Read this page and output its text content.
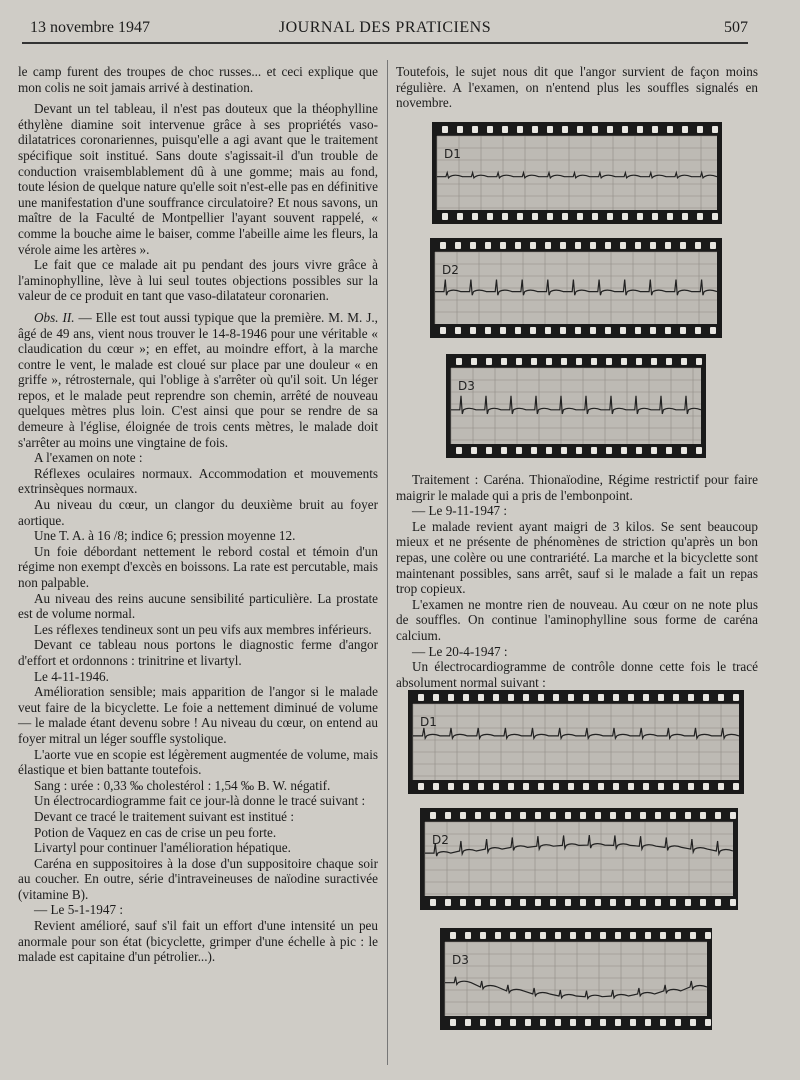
13 novembre 1947	JOURNAL DES PRATICIENS	507

le camp furent des troupes de choc russes... et ceci explique que mon colis ne soit jamais arrivé à destination.

Devant un tel tableau, il n'est pas douteux que la théophylline éthylène diamine soit intervenue grâce à ses propriétés vaso-dilatatrices coronariennes, puisqu'elle a agi avant que le traitement spécifique soit institué. Sans doute s'agissait-il d'un trouble de conduction vraisemblablement dû à une gomme; mais au fond, toute lésion de quelque nature qu'elle soit n'est-elle pas en définitive une manifestation d'une souffrance circulatoire? Et nous savons, un maître de la Faculté de Montpellier l'ayant souvent rappelé, « comme la bouche aime le baiser, comme l'abeille aime les fleurs, la vérole aime les artères ».

Le fait que ce malade ait pu pendant des jours vivre grâce à l'aminophylline, lève à lui seul toutes objections possibles sur la valeur de ce produit en tant que vaso-dilatateur coronarien.

Obs. II. — Elle est tout aussi typique que la première. M. M. J., âgé de 49 ans, vient nous trouver le 14-8-1946 pour une véritable « claudication du cœur »; en effet, au moindre effort, à la marche contre le vent, le malade est cloué sur place par une douleur « en griffe », rétrosternale, qui l'oblige à s'arrêter où qu'il soit. Un léger repos, et le malade peut reprendre son chemin, arrêté de nouveau quelques mètres plus loin. C'est ainsi que pour se rendre de sa demeure à l'église, éloignée de trois cents mètres, le malade doit s'arrêter au moins une vingtaine de fois.

A l'examen on note :

Réflexes oculaires normaux. Accommodation et mouvements extrinsèques normaux.

Au niveau du cœur, un clangor du deuxième bruit au foyer aortique.

Une T. A. à 16 /8; indice 6; pression moyenne 12.

Un foie débordant nettement le rebord costal et témoin d'un régime non exempt d'excès en boissons. La rate est percutable, mais non palpable.

Au niveau des reins aucune sensibilité particulière. La prostate est de volume normal.

Les réflexes tendineux sont un peu vifs aux membres inférieurs.

Devant ce tableau nous portons le diagnostic ferme d'angor d'effort et ordonnons : trinitrine et livartyl.

Le 4-11-1946.

Amélioration sensible; mais apparition de l'angor si le malade veut faire de la bicyclette. Le foie a nettement diminué de volume — le malade étant devenu sobre ! Au niveau du cœur, on entend au foyer mitral un léger souffle systolique.

L'aorte vue en scopie est légèrement augmentée de volume, mais élastique et bien battante toutefois.

Sang : urée : 0,33 ‰ cholestérol : 1,54 ‰ B. W. négatif.

Un électrocardiogramme fait ce jour-là donne le tracé suivant :

Devant ce tracé le traitement suivant est institué :

Potion de Vaquez en cas de crise un peu forte.

Livartyl pour continuer l'amélioration hépatique.

Caréna en suppositoires à la dose d'un suppositoire chaque soir au coucher. En outre, série d'intraveineuses de naïodine suractivée (vitamine B).

— Le 5-1-1947 :

Revient amélioré, sauf s'il fait un effort d'une intensité un peu anormale pour son état (bicyclette, grimper d'une échelle à pic : le malade est capitaine d'un pétrolier...).

Toutefois, le sujet nous dit que l'angor survient de façon moins régulière. A l'examen, on n'entend plus les souffles signalés en novembre.

Traitement : Caréna. Thionaïodine, Régime restrictif pour faire maigrir le malade qui a pris de l'embonpoint.

— Le 9-11-1947 :

Le malade revient ayant maigri de 3 kilos. Se sent beaucoup mieux et ne présente de phénomènes de striction qu'après un bon repas, une colère ou une contrariété. La marche et la bicyclette sont maintenant possibles, sans arrêt, sauf si le malade a fait un repas trop copieux.

L'examen ne montre rien de nouveau. Au cœur on ne note plus de souffles. On continue l'aminophylline sous forme de caréna calcium.

— Le 20-4-1947 :

Un électrocardiogramme de contrôle donne cette fois le tracé absolument normal suivant :

D1
D2
D3
D1
D2
D3
